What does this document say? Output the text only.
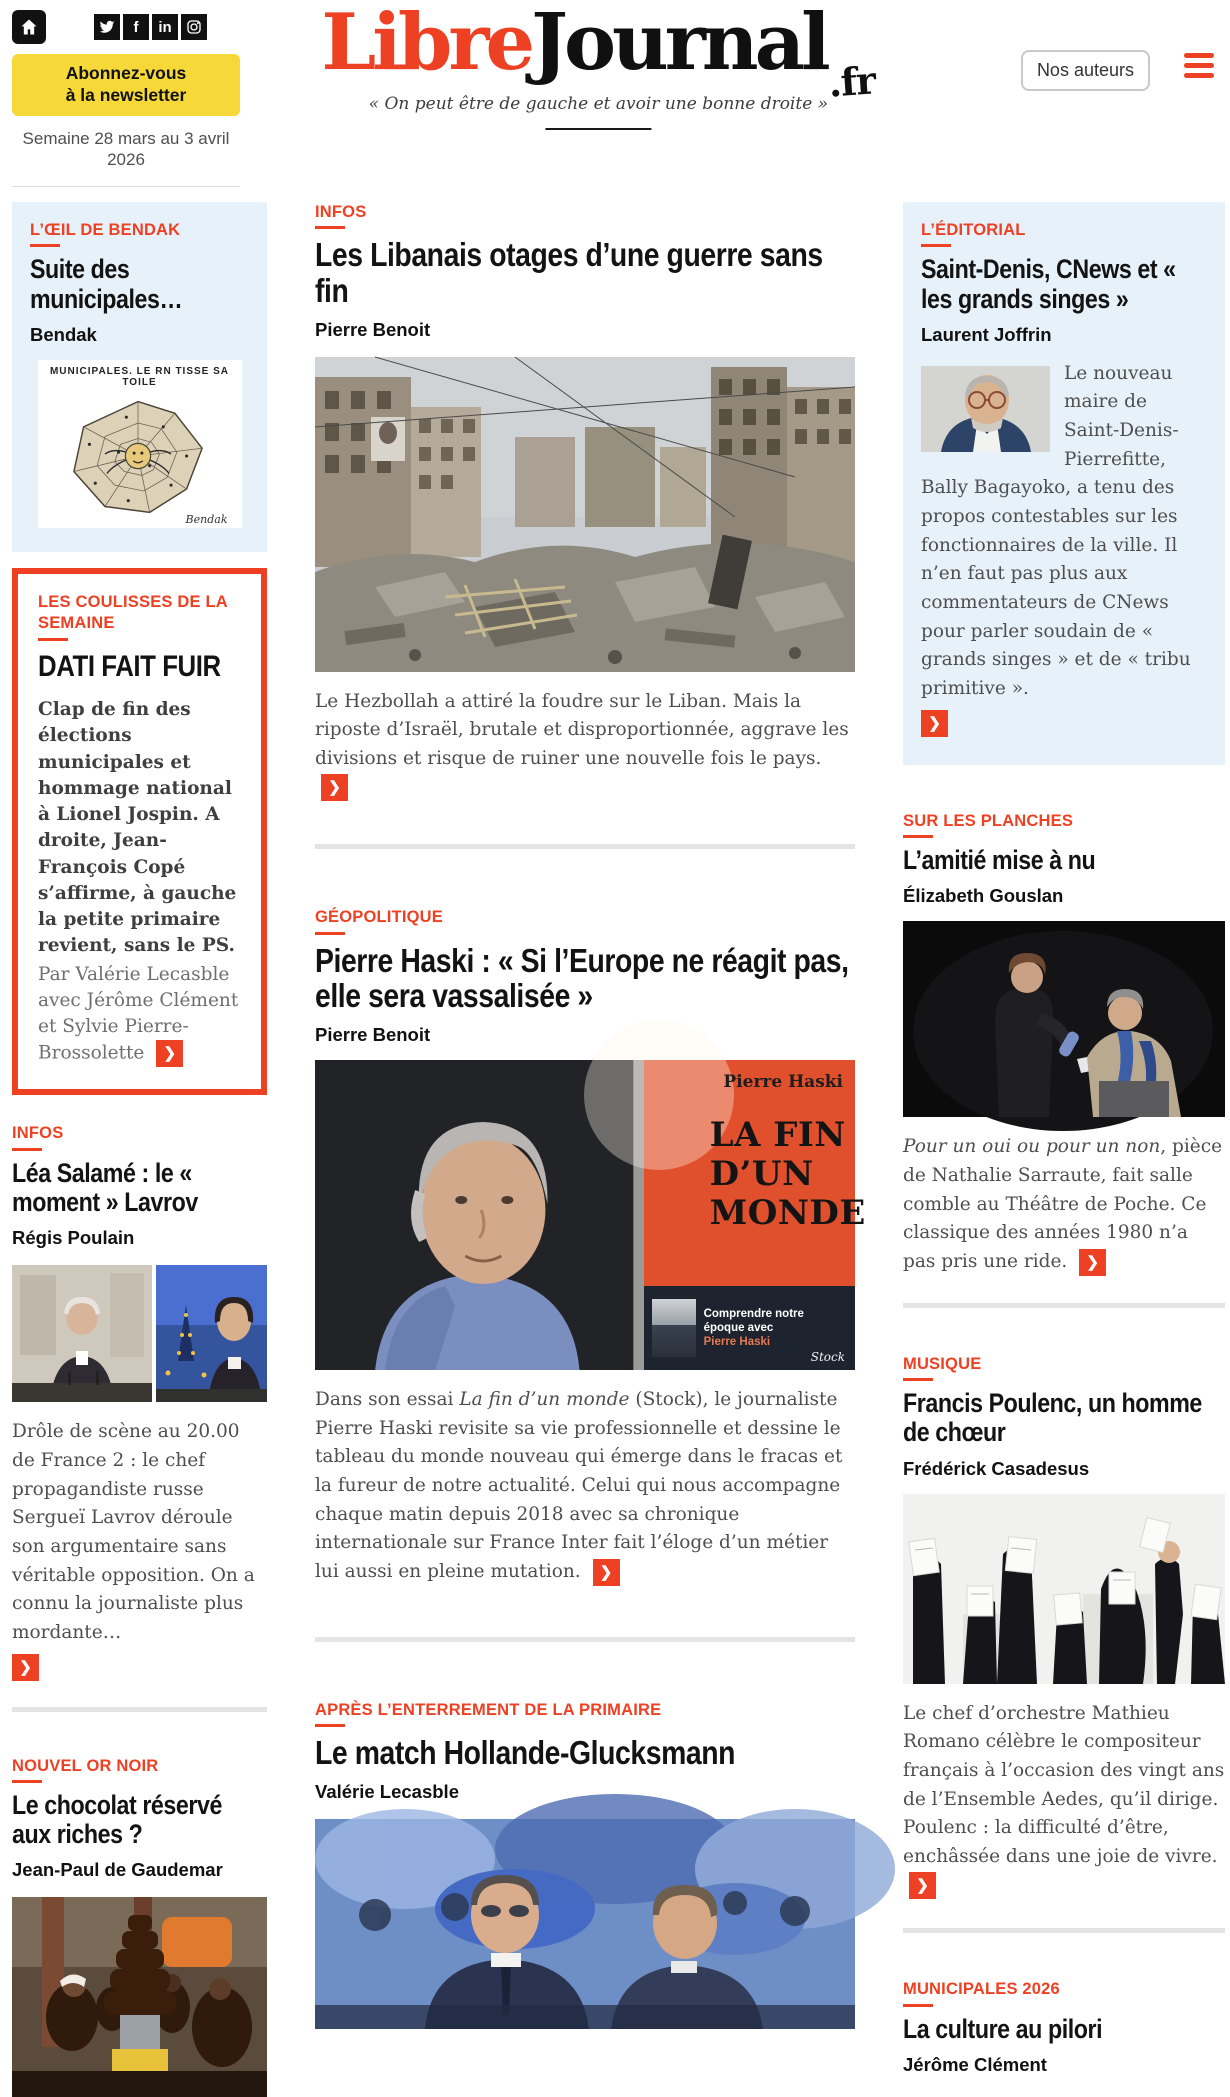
f in
Abonnez-vous
à la newsletter
Semaine 28 mars au 3 avril 2026
LibreJournal.fr
« On peut être de gauche et avoir une bonne droite »
Nos auteurs
L’ŒIL DE BENDAK
Suite des municipales…
Bendak
MUNICIPALES. LE RN TISSE SA TOILE
Bendak
LES COULISSES DE LA SEMAINE
DATI FAIT FUIR

Clap de fin des élections municipales et hommage national à Lionel Jospin. A droite, Jean-François Copé s’affirme, à gauche la petite primaire revient, sans le PS.

Par Valérie Lecasble avec Jérôme Clément et Sylvie Pierre-Brossolette ❯

INFOS
Léa Salamé : le « moment » Lavrov
Régis Poulain

Drôle de scène au 20.00 de France 2 : le chef propagandiste russe Sergueï Lavrov déroule son argumentaire sans véritable opposition. On a connu la journaliste plus mordante…

❯
NOUVEL OR NOIR
Le chocolat réservé aux riches ?
Jean-Paul de Gaudemar
INFOS
Les Libanais otages d’une guerre sans fin
Pierre Benoit

Le Hezbollah a attiré la foudre sur le Liban. Mais la riposte d’Israël, brutale et disproportionnée, aggrave les divisions et risque de ruiner une nouvelle fois le pays. ❯

GÉOPOLITIQUE
Pierre Haski : « Si l’Europe ne réagit pas, elle sera vassalisée »
Pierre Benoit
Pierre Haski
LA FIN
D’UN
MONDE
Comprendre notre époque avec
Pierre Haski
Stock

Dans son essai La fin d’un monde (Stock), le journaliste Pierre Haski revisite sa vie professionnelle et dessine le tableau du monde nouveau qui émerge dans le fracas et la fureur de notre actualité. Celui qui nous accompagne chaque matin depuis 2018 avec sa chronique internationale sur France Inter fait l’éloge d’un métier lui aussi en pleine mutation. ❯

APRÈS L’ENTERREMENT DE LA PRIMAIRE
Le match Hollande-Glucksmann
Valérie Lecasble
L’ÉDITORIAL
Saint-Denis, CNews et « les grands singes »
Laurent Joffrin
Le nouveau maire de Saint-Denis-Pierrefitte, Bally Bagayoko, a tenu des propos contestables sur les fonctionnaires de la ville. Il n’en faut pas plus aux commentateurs de CNews pour parler soudain de « grands singes » et de « tribu primitive ».
❯
SUR LES PLANCHES
L’amitié mise à nu
Élizabeth Gouslan

Pour un oui ou pour un non, pièce de Nathalie Sarraute, fait salle comble au Théâtre de Poche. Ce classique des années 1980 n’a pas pris une ride. ❯

MUSIQUE
Francis Poulenc, un homme de chœur
Frédérick Casadesus

Le chef d’orchestre Mathieu Romano célèbre le compositeur français à l’occasion des vingt ans de l’Ensemble Aedes, qu’il dirige. Poulenc : la difficulté d’être, enchâssée dans une joie de vivre. ❯

MUNICIPALES 2026
La culture au pilori
Jérôme Clément
